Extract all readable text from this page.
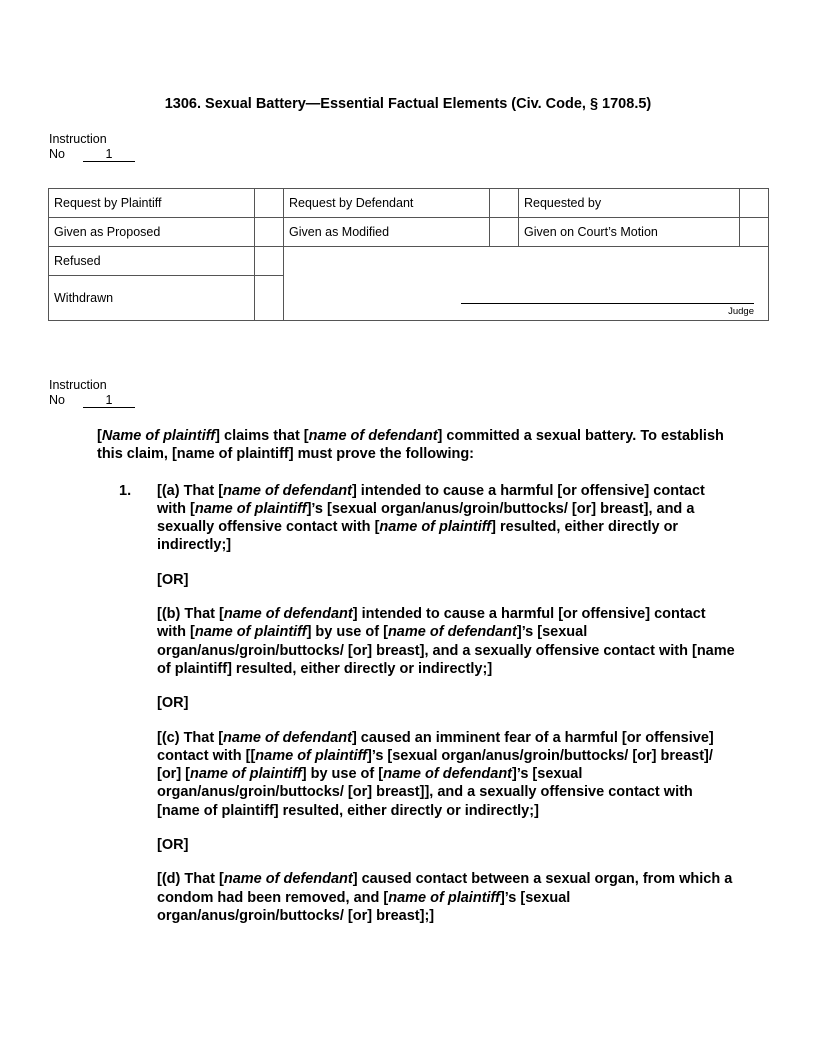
1306. Sexual Battery—Essential Factual Elements (Civ. Code, § 1708.5)
Instruction
No	1
Request by Plaintiff		Request by Defendant		Requested by	
Given as Proposed		Given as Modified		Given on Court’s Motion	
Refused		Judge			

Withdrawn					
Instruction
No	1

[Name of plaintiff] claims that [name of defendant] committed a sexual battery. To establish this claim, [name of plaintiff] must prove the following:

1. [(a) That [name of defendant] intended to cause a harmful [or offensive] contact with [name of plaintiff]’s [sexual organ/anus/groin/buttocks/ [or] breast], and a sexually offensive contact with [name of plaintiff] resulted, either directly or indirectly;]

[OR]

[(b) That [name of defendant] intended to cause a harmful [or offensive] contact with [name of plaintiff] by use of [name of defendant]’s [sexual organ/anus/groin/buttocks/ [or] breast], and a sexually offensive contact with [name of plaintiff] resulted, either directly or indirectly;]

[OR]

[(c) That [name of defendant] caused an imminent fear of a harmful [or offensive] contact with [[name of plaintiff]’s [sexual organ/anus/groin/buttocks/ [or] breast]/ [or] [name of plaintiff] by use of [name of defendant]’s [sexual organ/anus/groin/buttocks/ [or] breast]], and a sexually offensive contact with [name of plaintiff] resulted, either directly or indirectly;]

[OR]

[(d) That [name of defendant] caused contact between a sexual organ, from which a condom had been removed, and [name of plaintiff]’s [sexual organ/anus/groin/buttocks/ [or] breast];]
